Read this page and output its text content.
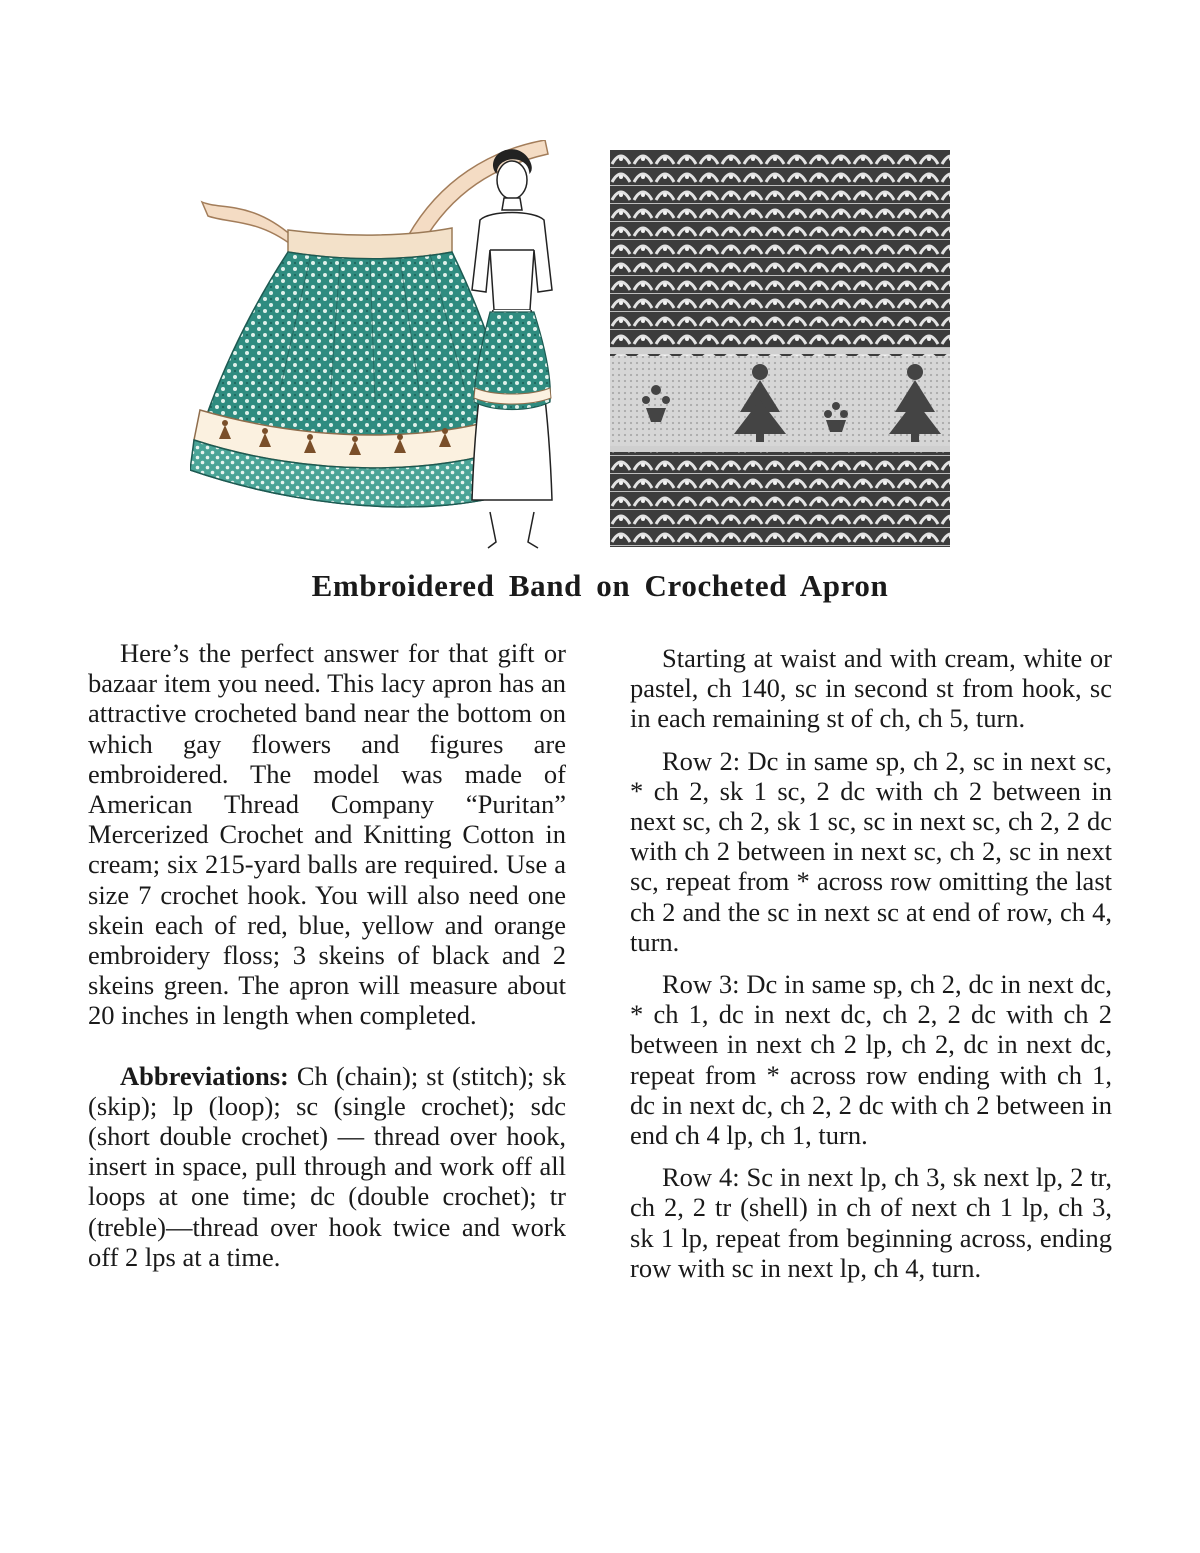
Embroidered Band on Crocheted Apron

Here’s the perfect answer for that gift or bazaar item you need. This lacy apron has an attractive crocheted band near the bottom on which gay flowers and figures are embroidered. The model was made of American Thread Company “Puritan” Mercerized Crochet and Knitting Cotton in cream; six 215-yard balls are required. Use a size 7 crochet hook. You will also need one skein each of red, blue, yellow and orange embroidery floss; 3 skeins of black and 2 skeins green. The apron will measure about 20 inches in length when completed.

Abbreviations: Ch (chain); st (stitch); sk (skip); lp (loop); sc (single crochet); sdc (short double crochet) — thread over hook, insert in space, pull through and work off all loops at one time; dc (double crochet); tr (treble)—thread over hook twice and work off 2 lps at a time.

Starting at waist and with cream, white or pastel, ch 140, sc in second st from hook, sc in each remaining st of ch, ch 5, turn.

Row 2: Dc in same sp, ch 2, sc in next sc, * ch 2, sk 1 sc, 2 dc with ch 2 between in next sc, ch 2, sk 1 sc, sc in next sc, ch 2, 2 dc with ch 2 between in next sc, ch 2, sc in next sc, repeat from * across row omitting the last ch 2 and the sc in next sc at end of row, ch 4, turn.

Row 3: Dc in same sp, ch 2, dc in next dc, * ch 1, dc in next dc, ch 2, 2 dc with ch 2 between in next ch 2 lp, ch 2, dc in next dc, repeat from * across row ending with ch 1, dc in next dc, ch 2, 2 dc with ch 2 between in end ch 4 lp, ch 1, turn.

Row 4: Sc in next lp, ch 3, sk next lp, 2 tr, ch 2, 2 tr (shell) in ch of next ch 1 lp, ch 3, sk 1 lp, repeat from beginning across, ending row with sc in next lp, ch 4, turn.
